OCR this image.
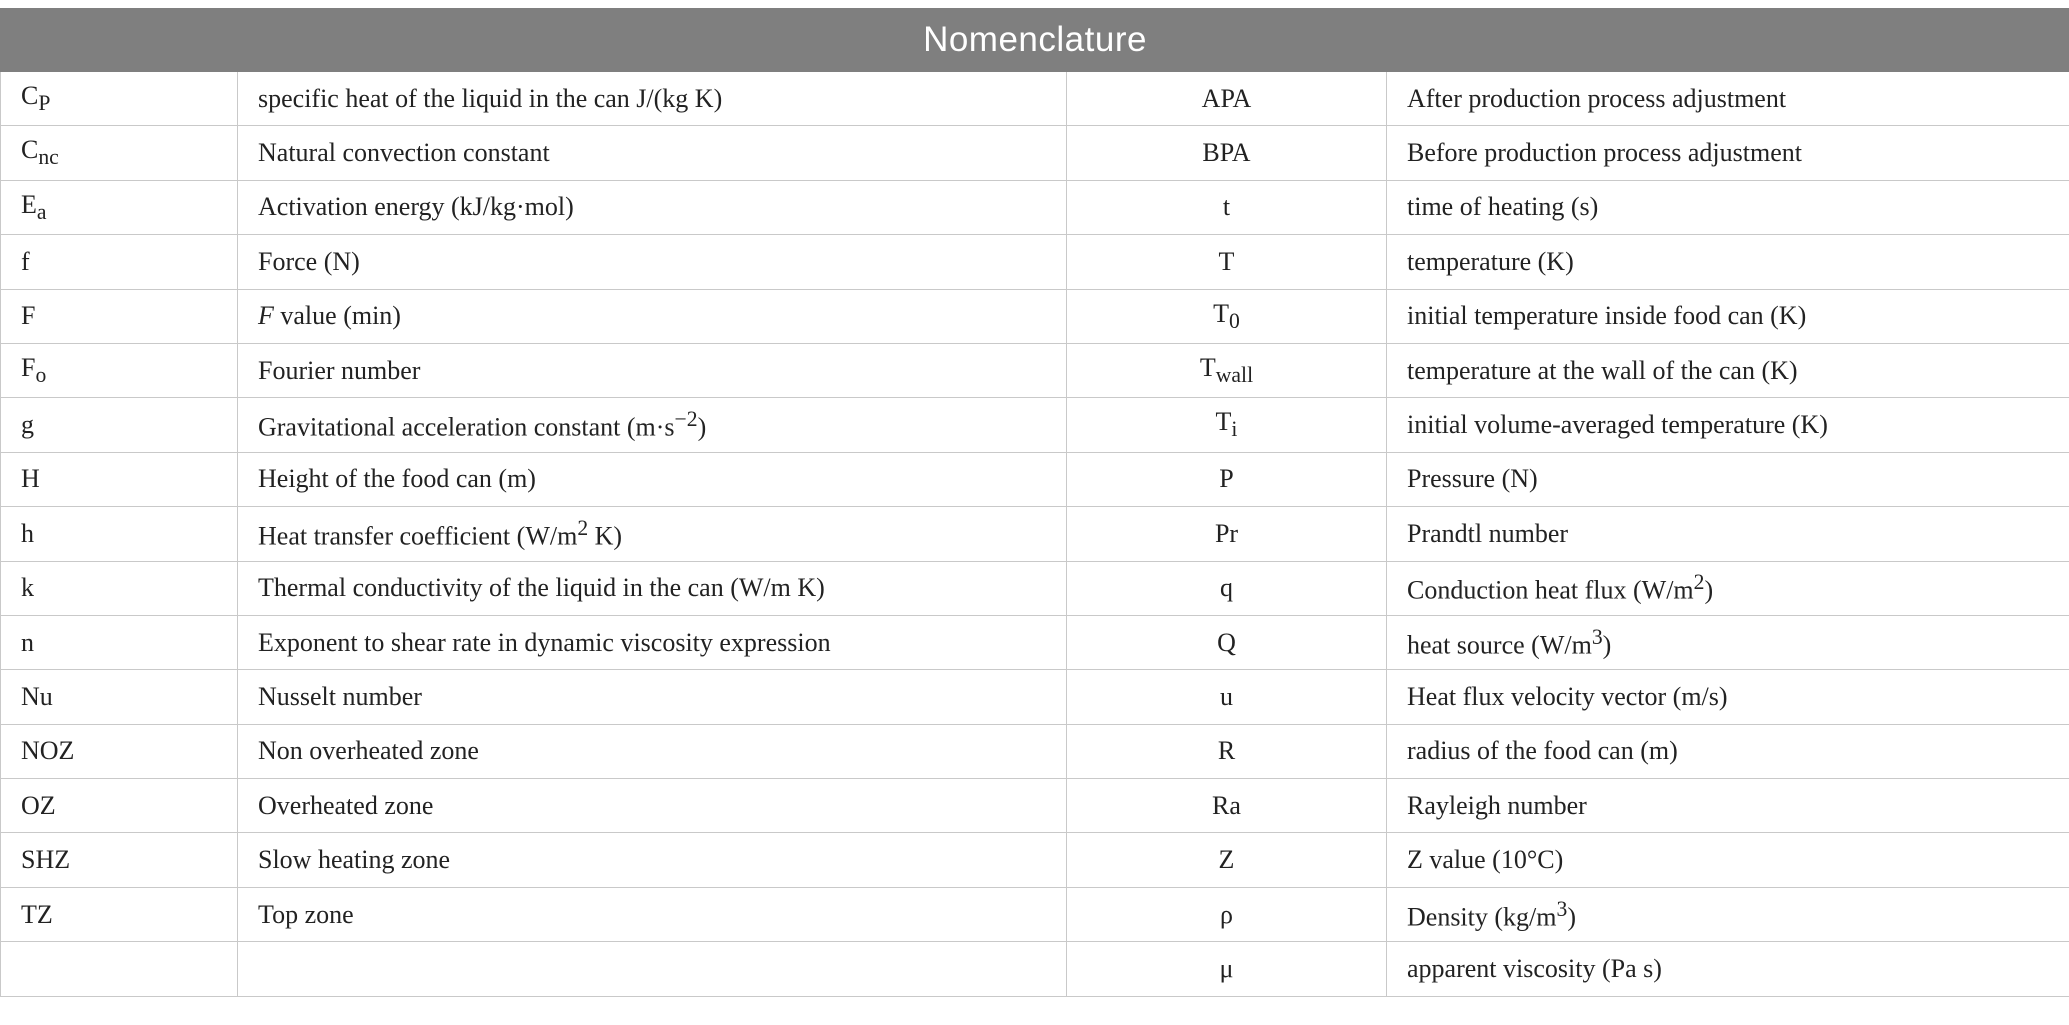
Nomenclature			
$C_P$	specific heat of the liquid in the can J/(kg K)	APA	After production process adjustment
$C_{nc}$	Natural convection constant	BPA	Before production process adjustment
$E_a$	Activation energy (kJ/kg·mol)	t	time of heating (s)
f	Force (N)	T	temperature (K)
F	F value (min)	$T_0$	initial temperature inside food can (K)
$F_o$	Fourier number	$T_{wall}$	temperature at the wall of the can (K)
g	Gravitational acceleration constant $(m\cdot s^{-2})$	$T_i$	initial volume-averaged temperature (K)
H	Height of the food can (m)	P	Pressure (N)
h	Heat transfer coefficient ($W/m^2$ K)	Pr	Prandtl number
k	Thermal conductivity of the liquid in the can (W/m K)	q	Conduction heat flux $(W/m^2)$
n	Exponent to shear rate in dynamic viscosity expression	Q	heat source $(W/m^3)$
Nu	Nusselt number	u	Heat flux velocity vector (m/s)
NOZ	Non overheated zone	R	radius of the food can (m)
OZ	Overheated zone	Ra	Rayleigh number
SHZ	Slow heating zone	Z	Z value (10°C)
TZ	Top zone	ρ	Density $(kg/m^3)$
		μ	apparent viscosity (Pa s)
